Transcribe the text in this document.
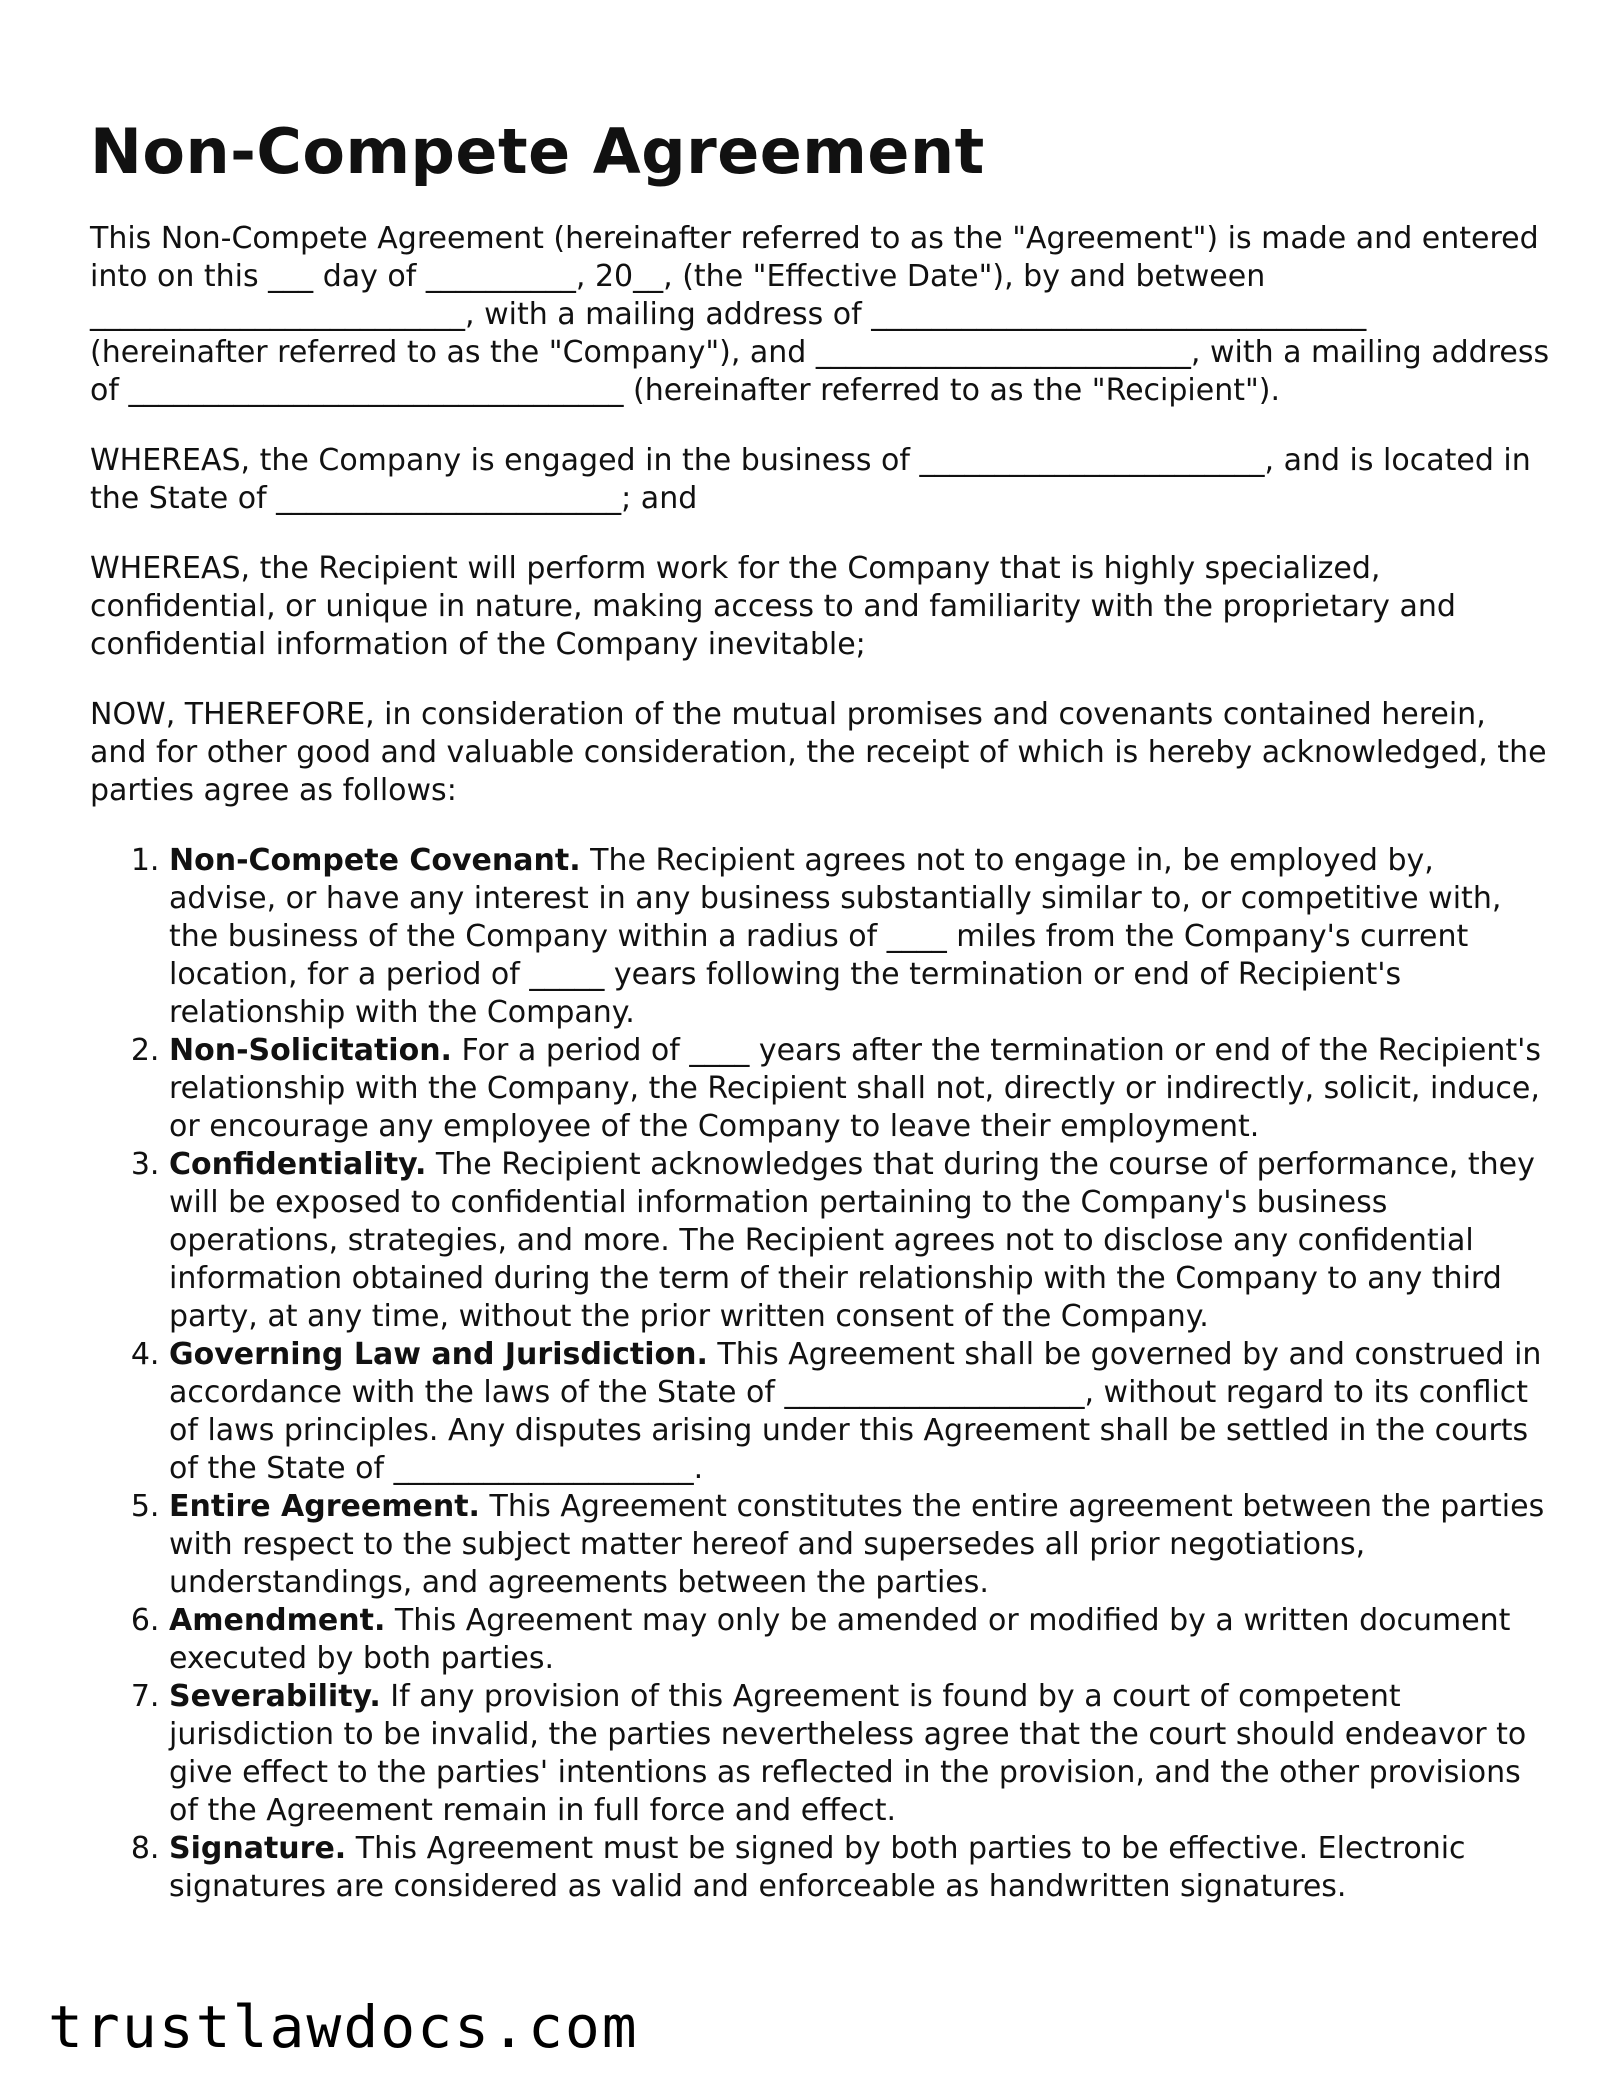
Non-Compete Agreement

This Non-Compete Agreement (hereinafter referred to as the "Agreement") is made and entered into on this ___ day of __________, 20__, (the "Effective Date"), by and between _________________________, with a mailing address of _________________________________ (hereinafter referred to as the "Company"), and _________________________, with a mailing address of _________________________________ (hereinafter referred to as the "Recipient").

WHEREAS, the Company is engaged in the business of _______________________, and is located in the State of _______________________; and

WHEREAS, the Recipient will perform work for the Company that is highly specialized, confidential, or unique in nature, making access to and familiarity with the proprietary and confidential information of the Company inevitable;

NOW, THEREFORE, in consideration of the mutual promises and covenants contained herein, and for other good and valuable consideration, the receipt of which is hereby acknowledged, the parties agree as follows:

1. Non-Compete Covenant. The Recipient agrees not to engage in, be employed by, advise, or have any interest in any business substantially similar to, or competitive with, the business of the Company within a radius of ____ miles from the Company's current location, for a period of _____ years following the termination or end of Recipient's relationship with the Company.
2. Non-Solicitation. For a period of ____ years after the termination or end of the Recipient's relationship with the Company, the Recipient shall not, directly or indirectly, solicit, induce, or encourage any employee of the Company to leave their employment.
3. Confidentiality. The Recipient acknowledges that during the course of performance, they will be exposed to confidential information pertaining to the Company's business operations, strategies, and more. The Recipient agrees not to disclose any confidential information obtained during the term of their relationship with the Company to any third party, at any time, without the prior written consent of the Company.
4. Governing Law and Jurisdiction. This Agreement shall be governed by and construed in accordance with the laws of the State of ____________________, without regard to its conflict of laws principles. Any disputes arising under this Agreement shall be settled in the courts of the State of ____________________.
5. Entire Agreement. This Agreement constitutes the entire agreement between the parties with respect to the subject matter hereof and supersedes all prior negotiations, understandings, and agreements between the parties.
6. Amendment. This Agreement may only be amended or modified by a written document executed by both parties.
7. Severability. If any provision of this Agreement is found by a court of competent jurisdiction to be invalid, the parties nevertheless agree that the court should endeavor to give effect to the parties' intentions as reflected in the provision, and the other provisions of the Agreement remain in full force and effect.
8. Signature. This Agreement must be signed by both parties to be effective. Electronic signatures are considered as valid and enforceable as handwritten signatures.
trustlawdocs.com
